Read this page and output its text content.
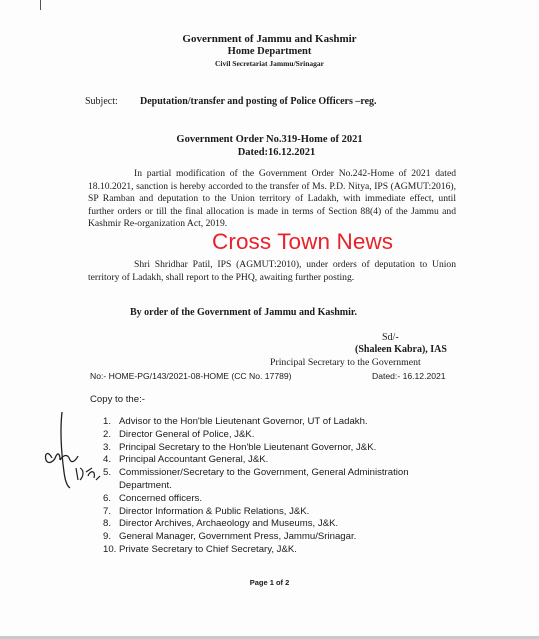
Government of Jammu and Kashmir
Home Department
Civil Secretariat Jammu/Srinagar
Subject: Deputation/transfer and posting of Police Officers –reg.
Government Order No.319-Home of 2021
Dated:16.12.2021
In partial modification of the Government Order No.242-Home of 2021 dated 18.10.2021, sanction is hereby accorded to the transfer of Ms. P.D. Nitya, IPS (AGMUT:2016), SP Ramban and deputation to the Union territory of Ladakh, with immediate effect, until further orders or till the final allocation is made in terms of Section 88(4) of the Jammu and Kashmir Re-organization Act, 2019.
Shri Shridhar Patil, IPS (AGMUT:2010), under orders of deputation to Union territory of Ladakh, shall report to the PHQ, awaiting further posting.
Cross Town News
By order of the Government of Jammu and Kashmir.
Sd/-
(Shaleen Kabra), IAS
Principal Secretary to the Government
No:- HOME-PG/143/2021-08-HOME (CC No. 17789)	Dated:- 16.12.2021
Copy to the:-
1. Advisor to the Hon'ble Lieutenant Governor, UT of Ladakh.
2. Director General of Police, J&K.
3. Principal Secretary to the Hon'ble Lieutenant Governor, J&K.
4. Principal Accountant General, J&K.
5. Commissioner/Secretary to the Government, General Administration Department.
6. Concerned officers.
7. Director Information & Public Relations, J&K.
8. Director Archives, Archaeology and Museums, J&K.
9. General Manager, Government Press, Jammu/Srinagar.
10. Private Secretary to Chief Secretary, J&K.
Page 1 of 2
